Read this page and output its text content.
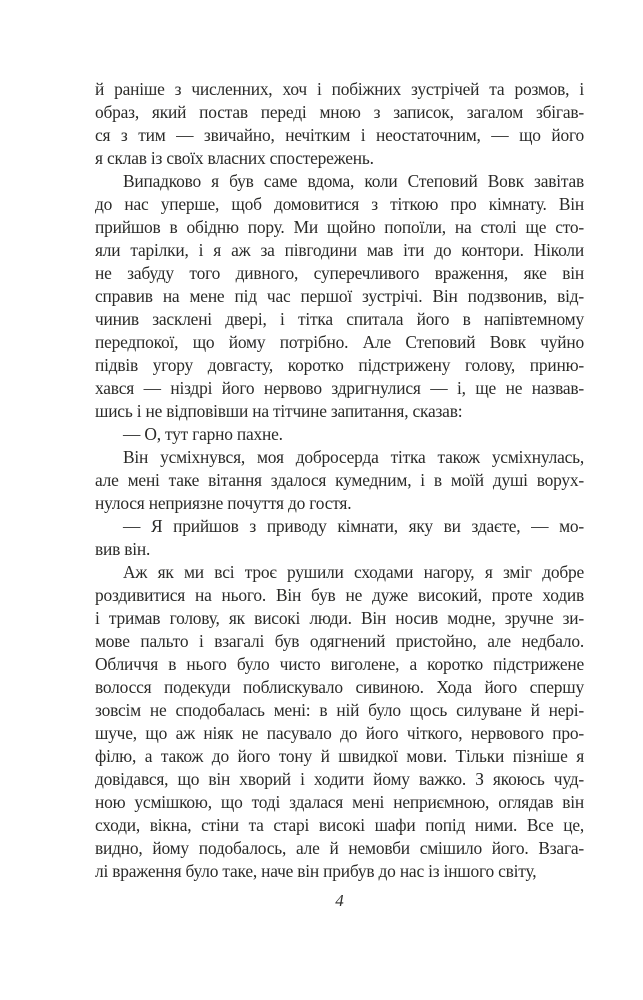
й раніше з численних, хоч і побіжних зустрічей та розмов, і
образ, який постав переді мною з записок, загалом збігав-
ся з тим — звичайно, нечітким і неостаточним, — що його
я склав із своїх власних спостережень.
Випадково я був саме вдома, коли Степовий Вовк завітав
до нас уперше, щоб домовитися з тіткою про кімнату. Він
прийшов в обідню пору. Ми щойно попоїли, на столі ще сто-
яли тарілки, і я аж за півгодини мав іти до контори. Ніколи
не забуду того дивного, суперечливого враження, яке він
справив на мене під час першої зустрічі. Він подзвонив, від-
чинив засклені двері, і тітка спитала його в напівтемному
передпокої, що йому потрібно. Але Степовий Вовк чуйно
підвів угору довгасту, коротко підстрижену голову, приню-
хався — ніздрі його нервово здригнулися — і, ще не назвав-
шись і не відповівши на тітчине запитання, сказав:
— О, тут гарно пахне.
Він усміхнувся, моя добросерда тітка також усміхнулась,
але мені таке вітання здалося кумедним, і в моїй душі ворух-
нулося неприязне почуття до гостя.
— Я прийшов з приводу кімнати, яку ви здаєте, — мо-
вив він.
Аж як ми всі троє рушили сходами нагору, я зміг добре
роздивитися на нього. Він був не дуже високий, проте ходив
і тримав голову, як високі люди. Він носив модне, зручне зи-
мове пальто і взагалі був одягнений пристойно, але недбало.
Обличчя в нього було чисто виголене, а коротко підстрижене
волосся подекуди поблискувало сивиною. Хода його спершу
зовсім не сподобалась мені: в ній було щось силуване й нері-
шуче, що аж ніяк не пасувало до його чіткого, нервового про-
філю, а також до його тону й швидкої мови. Тільки пізніше я
довідався, що він хворий і ходити йому важко. З якоюсь чуд-
ною усмішкою, що тоді здалася мені неприємною, оглядав він
сходи, вікна, стіни та старі високі шафи попід ними. Все це,
видно, йому подобалось, але й немовби смішило його. Взага-
лі враження було таке, наче він прибув до нас із іншого світу,
4
